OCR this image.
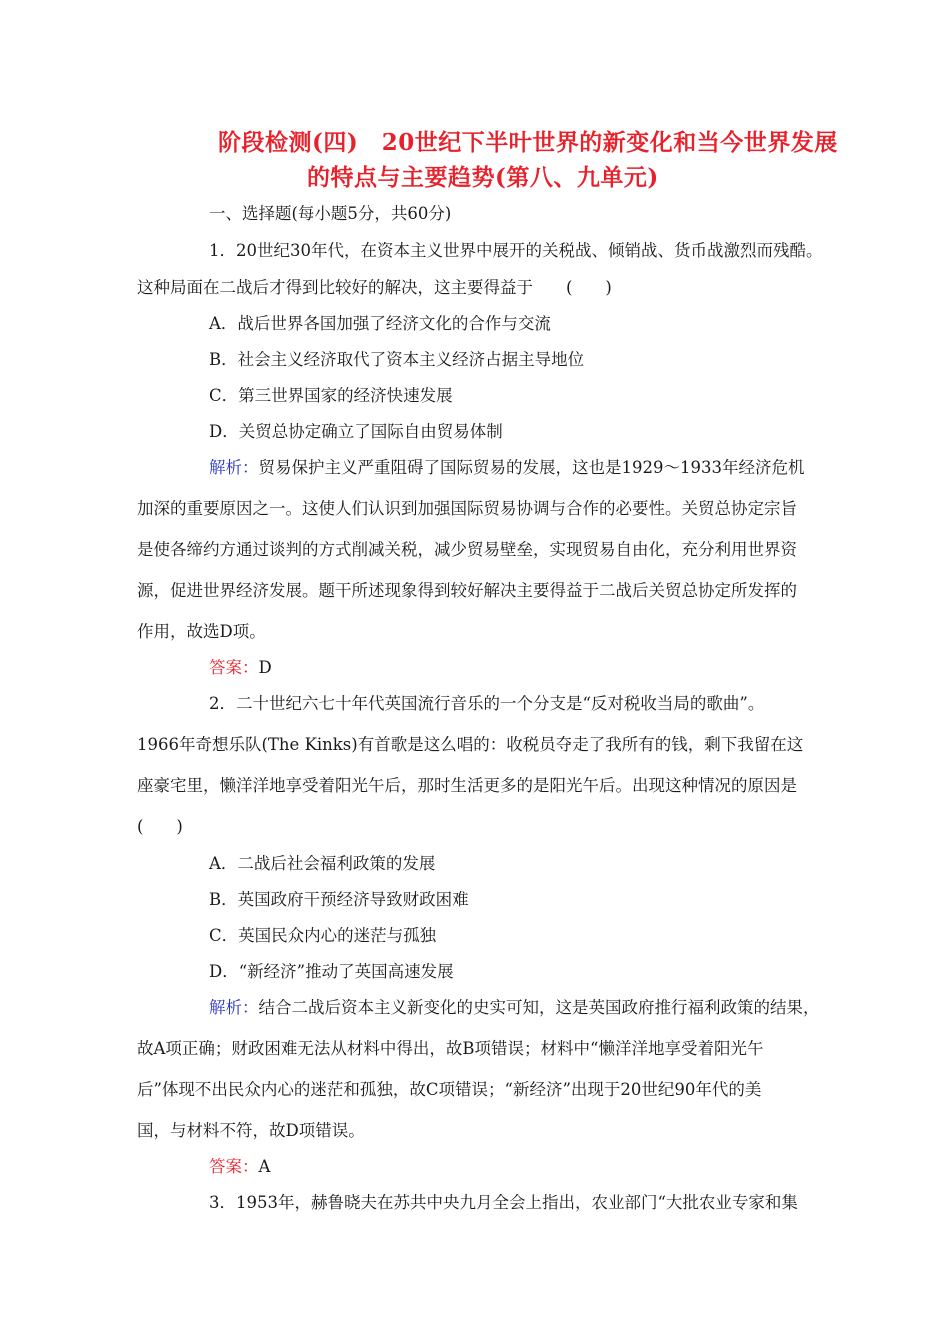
阶段检测(四)　20世纪下半叶世界的新变化和当今世界发展
的特点与主要趋势(第八、九单元)
一、选择题(每小题5分，共60分)
1．20世纪30年代，在资本主义世界中展开的关税战、倾销战、货币战激烈而残酷。
这种局面在二战后才得到比较好的解决，这主要得益于　　(　　)
A．战后世界各国加强了经济文化的合作与交流
B．社会主义经济取代了资本主义经济占据主导地位
C．第三世界国家的经济快速发展
D．关贸总协定确立了国际自由贸易体制
解析：贸易保护主义严重阻碍了国际贸易的发展，这也是1929～1933年经济危机
加深的重要原因之一。这使人们认识到加强国际贸易协调与合作的必要性。关贸总协定宗旨
是使各缔约方通过谈判的方式削减关税，减少贸易壁垒，实现贸易自由化，充分利用世界资
源，促进世界经济发展。题干所述现象得到较好解决主要得益于二战后关贸总协定所发挥的
作用，故选D项。
答案：D
2．二十世纪六七十年代英国流行音乐的一个分支是“反对税收当局的歌曲”。
1966年奇想乐队(The Kinks)有首歌是这么唱的：收税员夺走了我所有的钱，剩下我留在这
座豪宅里，懒洋洋地享受着阳光午后，那时生活更多的是阳光午后。出现这种情况的原因是
(　　)
A．二战后社会福利政策的发展
B．英国政府干预经济导致财政困难
C．英国民众内心的迷茫与孤独
D．“新经济”推动了英国高速发展
解析：结合二战后资本主义新变化的史实可知，这是英国政府推行福利政策的结果，
故A项正确；财政困难无法从材料中得出，故B项错误；材料中“懒洋洋地享受着阳光午
后”体现不出民众内心的迷茫和孤独，故C项错误；“新经济”出现于20世纪90年代的美
国，与材料不符，故D项错误。
答案：A
3．1953年，赫鲁晓夫在苏共中央九月全会上指出，农业部门“大批农业专家和集
